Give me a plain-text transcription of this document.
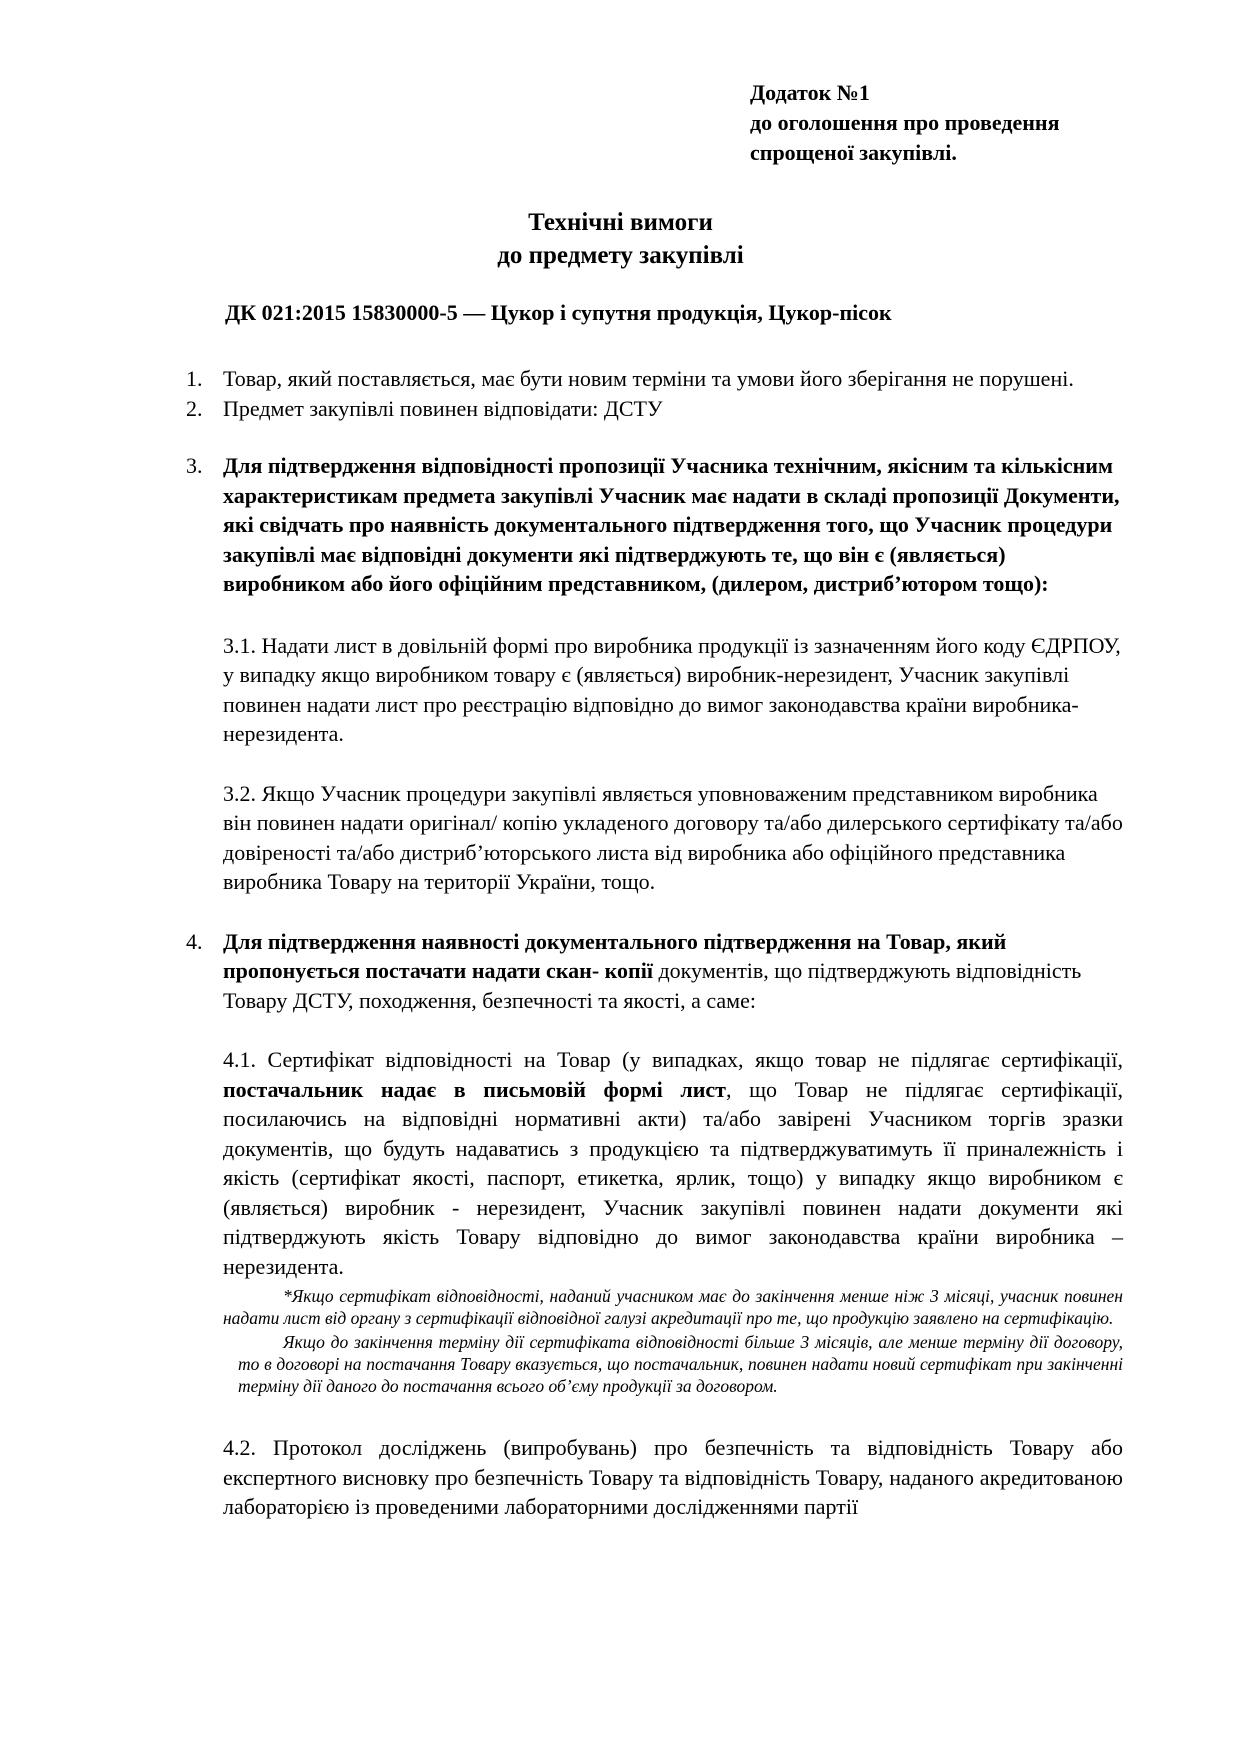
Додаток №1
до оголошення про проведення
спрощеної закупівлі.
Технічні вимоги
до предмету закупівлі
ДК 021:2015 15830000-5 — Цукор і супутня продукція, Цукор-пісок
1. Товар, який поставляється, має бути новим терміни та умови його зберігання не порушені.
2. Предмет закупівлі повинен відповідати: ДСТУ
3. Для підтвердження відповідності пропозиції Учасника технічним, якісним та кількісним характеристикам предмета закупівлі Учасник має надати в складі пропозиції Документи, які свідчать про наявність документального підтвердження того, що Учасник процедури закупівлі має відповідні документи які підтверджують те, що він є (являється) виробником або його офіційним представником, (дилером, дистриб’ютором тощо):
3.1. Надати лист в довільній формі про виробника продукції із зазначенням його коду ЄДРПОУ, у випадку якщо виробником товару є (являється) виробник-нерезидент, Учасник закупівлі повинен надати лист про реєстрацію відповідно до вимог законодавства країни виробника-нерезидента.
3.2. Якщо Учасник процедури закупівлі являється уповноваженим представником виробника він повинен надати оригінал/ копію укладеного договору та/або дилерського сертифікату та/або довіреності та/або дистриб’юторського листа від виробника або офіційного представника виробника Товару на території України, тощо.
4. Для підтвердження наявності документального підтвердження на Товар, який пропонується постачати надати скан- копії документів, що підтверджують відповідність Товару ДСТУ, походження, безпечності та якості, а саме:
4.1. Сертифікат відповідності на Товар (у випадках, якщо товар не підлягає сертифікації, постачальник надає в письмовій формі лист, що Товар не підлягає сертифікації, посилаючись на відповідні нормативні акти) та/або завірені Учасником торгів зразки документів, що будуть надаватись з продукцією та підтверджуватимуть її приналежність і якість (сертифікат якості, паспорт, етикетка, ярлик, тощо) у випадку якщо виробником є (являється) виробник - нерезидент, Учасник закупівлі повинен надати документи які підтверджують якість Товару відповідно до вимог законодавства країни виробника – нерезидента.
*Якщо сертифікат відповідності, наданий учасником має до закінчення менше ніж 3 місяці, учасник повинен надати лист від органу з сертифікації відповідної галузі акредитації про те, що продукцію заявлено на сертифікацію.
Якщо до закінчення терміну дії сертифіката відповідності більше 3 місяців, але менше терміну дії договору, то в договорі на постачання Товару вказується, що постачальник, повинен надати новий сертифікат при закінченні терміну дії даного до постачання всього об’єму продукції за договором.
4.2. Протокол досліджень (випробувань) про безпечність та відповідність Товару або експертного висновку про безпечність Товару та відповідність Товару, наданого акредитованою лабораторією із проведеними лабораторними дослідженнями партії
